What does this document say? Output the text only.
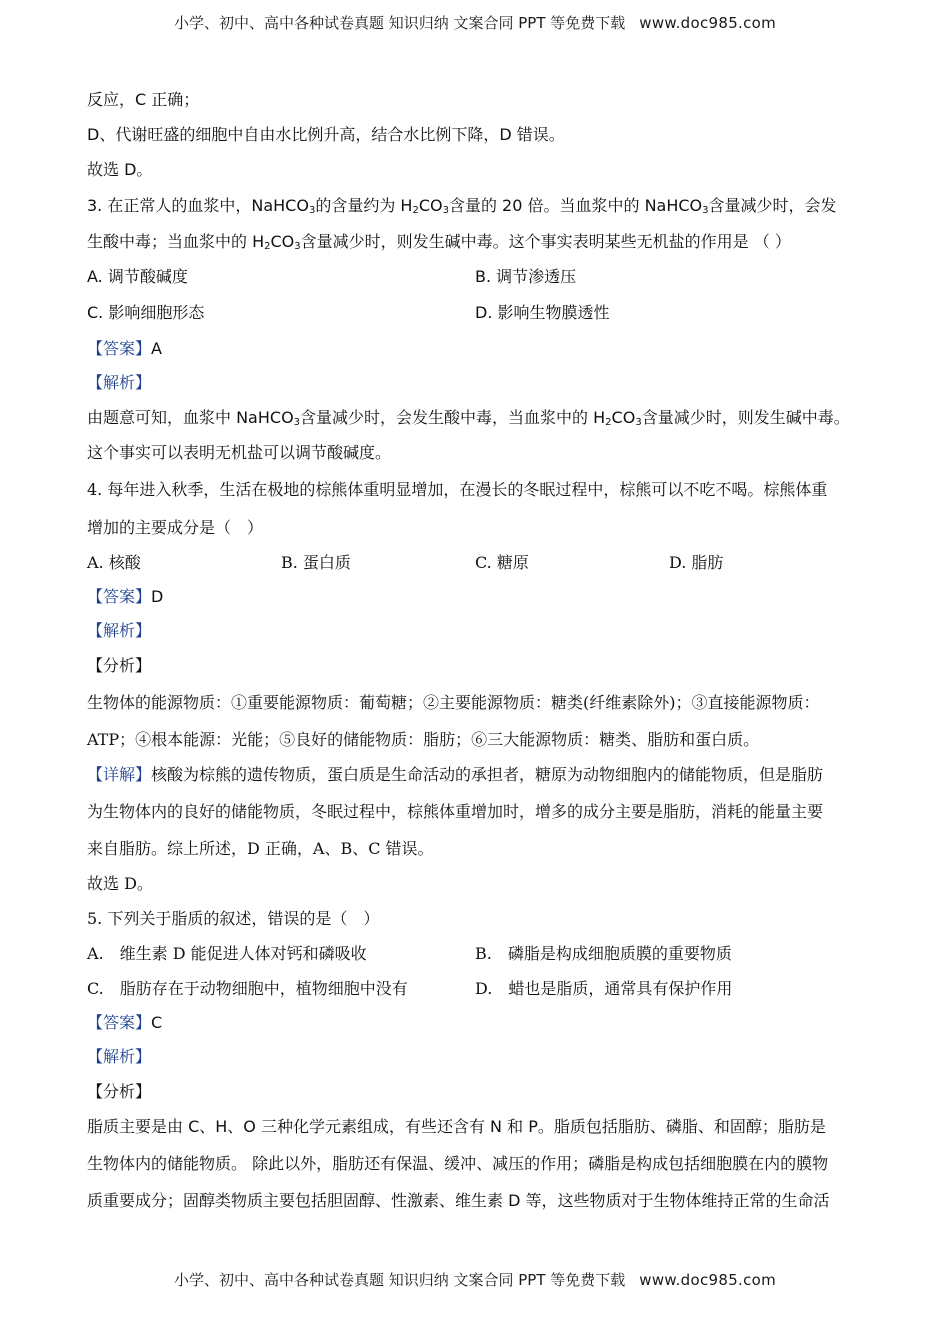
小学、初中、高中各种试卷真题 知识归纳 文案合同 PPT 等免费下载 www.doc985.com
反应，C 正确；
D、代谢旺盛的细胞中自由水比例升高，结合水比例下降，D 错误。
故选 D。
3. 在正常人的血浆中，NaHCO$_3$的含量约为 $H_2CO_3$含量的 20 倍。当血浆中的 NaHCO$_3$含量减少时，会发
生酸中毒；当血浆中的 $H_2CO_3$含量减少时，则发生碱中毒。这个事实表明某些无机盐的作用是 （ ）
A. 调节酸碱度	B. 调节渗透压
C. 影响细胞形态	D. 影响生物膜透性
【答案】A
【解析】
由题意可知，血浆中 NaHCO$_3$含量减少时，会发生酸中毒，当血浆中的 $H_2CO_3$含量减少时，则发生碱中毒。
这个事实可以表明无机盐可以调节酸碱度。
4. 每年进入秋季，生活在极地的棕熊体重明显增加，在漫长的冬眠过程中，棕熊可以不吃不喝。棕熊体重
增加的主要成分是（　）
A. 核酸	B. 蛋白质	C. 糖原	D. 脂肪
【答案】D
【解析】
【分析】
生物体的能源物质：①重要能源物质：葡萄糖；②主要能源物质：糖类(纤维素除外)；③直接能源物质：
ATP；④根本能源：光能；⑤良好的储能物质：脂肪；⑥三大能源物质：糖类、脂肪和蛋白质。
【详解】核酸为棕熊的遗传物质，蛋白质是生命活动的承担者，糖原为动物细胞内的储能物质，但是脂肪
为生物体内的良好的储能物质，冬眠过程中，棕熊体重增加时，增多的成分主要是脂肪，消耗的能量主要
来自脂肪。综上所述，D 正确，A、B、C 错误。
故选 D。
5. 下列关于脂质的叙述，错误的是（　）
A.　维生素 D 能促进人体对钙和磷吸收	B.　磷脂是构成细胞质膜的重要物质
C.　脂肪存在于动物细胞中，植物细胞中没有	D.　蜡也是脂质，通常具有保护作用
【答案】C
【解析】
【分析】
脂质主要是由 C、H、O 三种化学元素组成，有些还含有 N 和 P。脂质包括脂肪、磷脂、和固醇；脂肪是
生物体内的储能物质。 除此以外，脂肪还有保温、缓冲、减压的作用；磷脂是构成包括细胞膜在内的膜物
质重要成分；固醇类物质主要包括胆固醇、性激素、维生素 D 等，这些物质对于生物体维持正常的生命活
小学、初中、高中各种试卷真题 知识归纳 文案合同 PPT 等免费下载 www.doc985.com
